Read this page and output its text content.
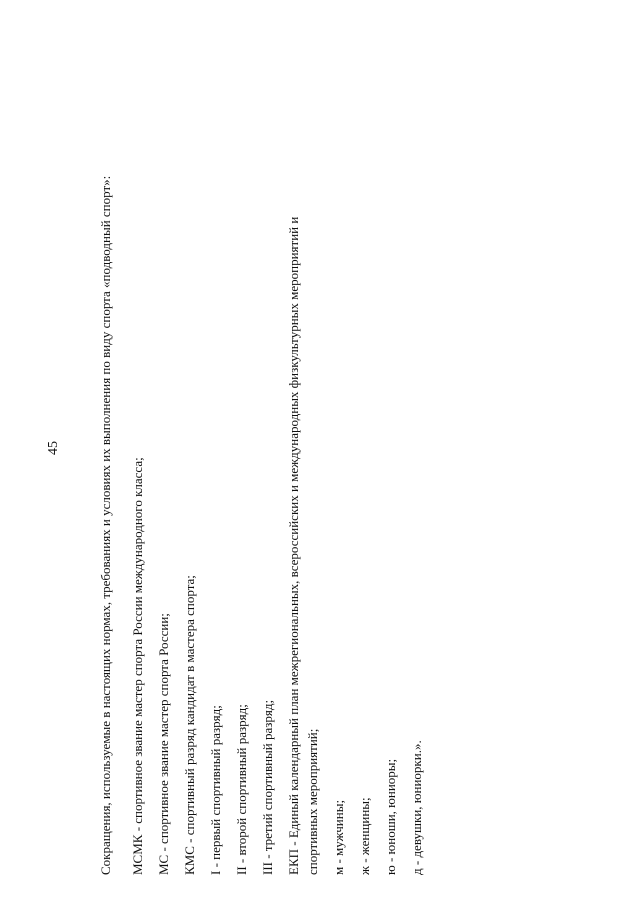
45	Сокращения, используемые в настоящих нормах, требованиях и условиях их выполнения по виду спорта «подводный спорт»: МСМК - спортивное звание мастер спорта России международного класса; МС - спортивное звание мастер спорта России; КМС - спортивный разряд кандидат в мастера спорта; I - первый спортивный разряд; II - второй спортивный разряд; III - третий спортивный разряд; ЕКП - Единый календарный план межрегиональных, всероссийских и международных физкультурных мероприятий и спортивных мероприятий; м - мужчины; ж - женщины; ю - юноши, юниоры; д - девушки, юниорки.».
